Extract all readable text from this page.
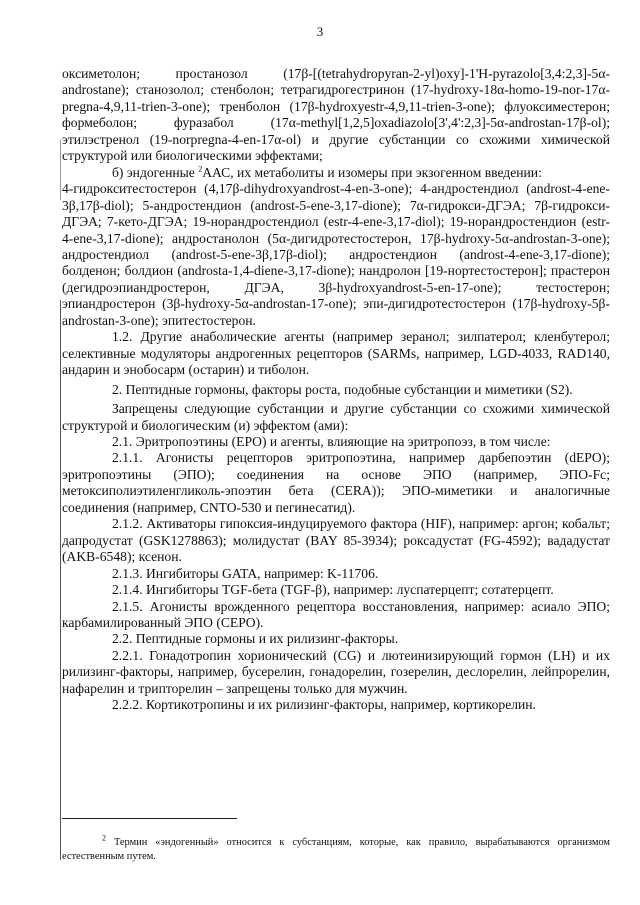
3

оксиметолон; простанозол (17β-[(tetrahydropyran-2-yl)oxy]-1'H-pyrazolo[3,4:2,3]-5α-androstane); станозолол; стенболон; тетрагидрогестринон (17-hydroxy-18α-homo-19-nor-17α-pregna-4,9,11-trien-3-one); тренболон (17β-hydroxyestr-4,9,11-trien-3-one); флуоксиместерон; формеболон; фуразабол (17α-methyl[1,2,5]oxadiazolo[3',4':2,3]-5α-androstan-17β-ol); этилэстренол (19-norpregna-4-en-17α-ol) и другие субстанции со схожими химической структурой или биологическими эффектами;

б) эндогенные $^2$ААС, их метаболиты и изомеры при экзогенном введении:

4-гидрокситестостерон (4,17β-dihydroxyandrost-4-en-3-one); 4-андростендиол (androst-4-ene-3β,17β-diol); 5-андростендион (androst-5-ene-3,17-dione); 7α-гидрокси-ДГЭА; 7β-гидрокси-ДГЭА; 7-кето-ДГЭА; 19-норандростендиол (estr-4-ene-3,17-diol); 19-норандростендион (estr-4-ene-3,17-dione); андростанолон (5α-дигидротестостерон, 17β-hydroxy-5α-androstan-3-one); андростендиол (androst-5-ene-3β,17β-diol); андростендион (androst-4-ene-3,17-dione); болденон; болдион (androsta-1,4-diene-3,17-dione); нандролон [19-нортестостерон]; прастерон (дегидроэпиандростерон, ДГЭА, 3β-hydroxyandrost-5-en-17-one); тестостерон; эпиандростерон (3β-hydroxy-5α-androstan-17-one); эпи-дигидротестостерон (17β-hydroxy-5β-androstan-3-one); эпитестостерон.

1.2. Другие анаболические агенты (например зеранол; зилпатерол; кленбутерол; селективные модуляторы андрогенных рецепторов (SARMs, например, LGD-4033, RAD140, андарин и энобосарм (остарин) и тиболон.

2. Пептидные гормоны, факторы роста, подобные субстанции и миметики (S2).

Запрещены следующие субстанции и другие субстанции со схожими химической структурой и биологическим (и) эффектом (ами):

2.1. Эритропоэтины (ЕРО) и агенты, влияющие на эритропоэз, в том числе:

2.1.1. Агонисты рецепторов эритропоэтина, например дарбепоэтин (dEPO); эритропоэтины (ЭПО); соединения на основе ЭПО (например, ЭПО-Fc; метоксиполиэтиленгликоль-эпоэтин бета (CERA)); ЭПО-миметики и аналогичные соединения (например, CNTO-530 и пегинесатид).

2.1.2. Активаторы гипоксия-индуцируемого фактора (HIF), например: аргон; кобальт; дапродустат (GSK1278863); молидустат (BAY 85-3934); роксадустат (FG-4592); вададустат (AKB-6548); ксенон.

2.1.3. Ингибиторы GATA, например: K-11706.

2.1.4. Ингибиторы TGF-бета (TGF-β), например: луспатерцепт; сотатерцепт.

2.1.5. Агонисты врожденного рецептора восстановления, например: асиало ЭПО; карбамилированный ЭПО (CEPO).

2.2. Пептидные гормоны и их рилизинг-факторы.

2.2.1. Гонадотропин хорионический (CG) и лютеинизирующий гормон (LH) и их рилизинг-факторы, например, бусерелин, гонадорелин, гозерелин, деслорелин, лейпрорелин, нафарелин и трипторелин – запрещены только для мужчин.

2.2.2. Кортикотропины и их рилизинг-факторы, например, кортикорелин.

$^2$ Термин «эндогенный» относится к субстанциям, которые, как правило, вырабатываются организмом естественным путем.
